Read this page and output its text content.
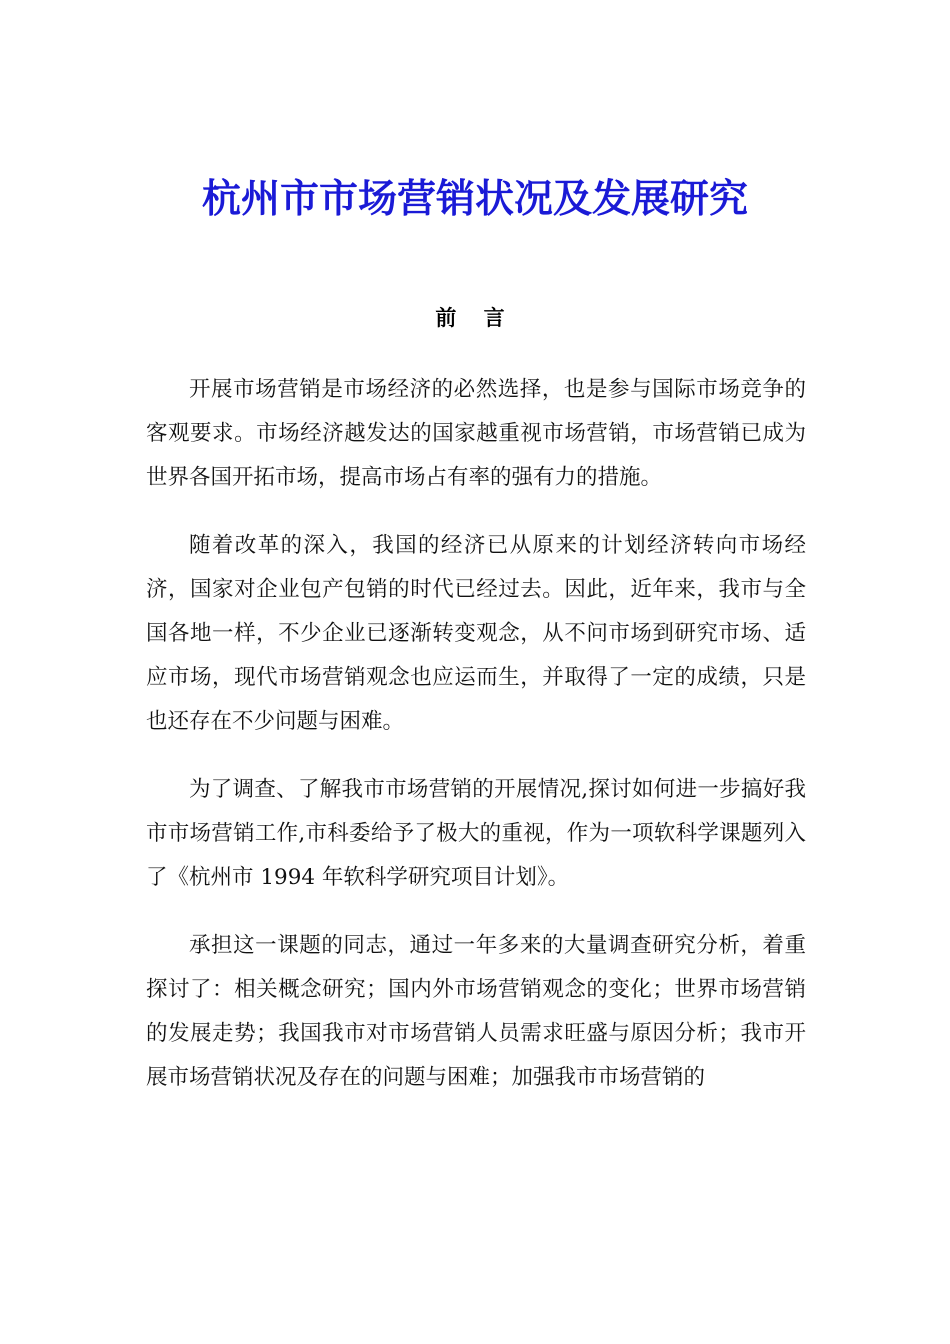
杭州市市场营销状况及发展研究
前 言

开展市场营销是市场经济的必然选择，也是参与国际市场竞争的客观要求。市场经济越发达的国家越重视市场营销，市场营销已成为世界各国开拓市场，提高市场占有率的强有力的措施。

随着改革的深入，我国的经济已从原来的计划经济转向市场经济，国家对企业包产包销的时代已经过去。因此，近年来，我市与全国各地一样，不少企业已逐渐转变观念，从不问市场到研究市场、适应市场，现代市场营销观念也应运而生，并取得了一定的成绩，只是也还存在不少问题与困难。

为了调查、了解我市市场营销的开展情况,探讨如何进一步搞好我市市场营销工作,市科委给予了极大的重视，作为一项软科学课题列入了《杭州市 1994 年软科学研究项目计划》。

承担这一课题的同志，通过一年多来的大量调查研究分析，着重探讨了：相关概念研究；国内外市场营销观念的变化；世界市场营销的发展走势；我国我市对市场营销人员需求旺盛与原因分析；我市开展市场营销状况及存在的问题与困难；加强我市市场营销的
